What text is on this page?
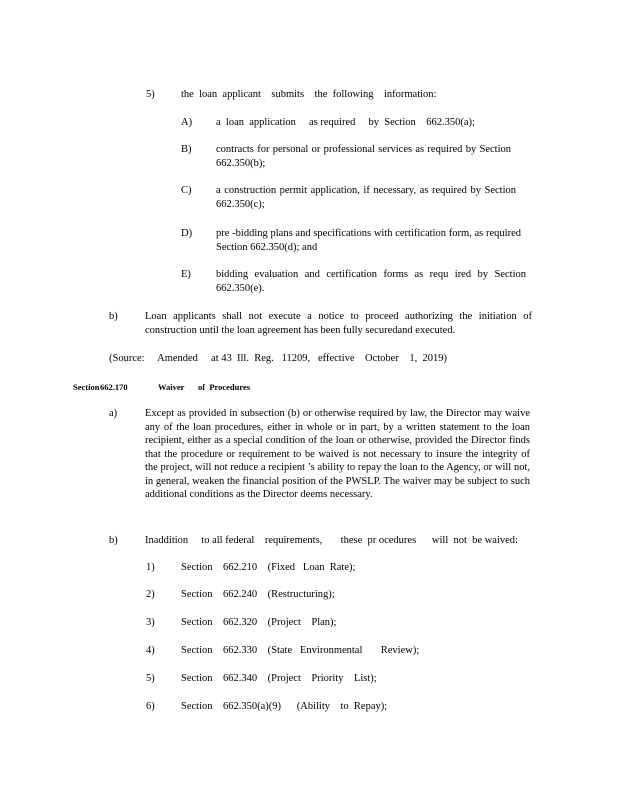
5)	the  loan  applicant    submits    the  following    information:
A) a  loan  application     as required     by  Section    662.350(a);
B) contracts for personal or professional services as required by Section 662.350(b);
C) a construction permit application, if necessary, as required by Section 662.350(c);
D) pre -bidding plans and specifications with certification form, as required Section 662.350(d); and
E) bidding evaluation and certification forms as requ ired by Section 662.350(e).
b)	Loan applicants shall not execute a notice to proceed authorizing the initiation of construction until the loan agreement has been fully securedand executed.
(Source:     Amended     at 43  Ill.  Reg.   11209,   effective    October    1,  2019)
Section 662.170	Waiver of  Procedures
a)	Except as provided in subsection (b) or otherwise required by law, the Director may waive any of the loan procedures, either in whole or in part, by a written statement to the loan recipient, either as a special condition of the loan or otherwise, provided the Director finds that the procedure or requirement to be waived is not necessary to insure the integrity of the project, will not reduce a recipient ’s ability to repay the loan to the Agency, or will not, in general, weaken the financial position of the PWSLP. The waiver may be subject to such additional conditions as the Director deems necessary.
b)	Inaddition     to all federal    requirements,       these  pr ocedures      will  not  be waived:
1)	Section    662.210    (Fixed   Loan  Rate);
2)	Section    662.240    (Restructuring);
3)	Section    662.320    (Project    Plan);
4)	Section    662.330    (State   Environmental       Review);
5)	Section    662.340    (Project    Priority    List);
6)	Section    662.350(a)(9)      (Ability    to  Repay);
